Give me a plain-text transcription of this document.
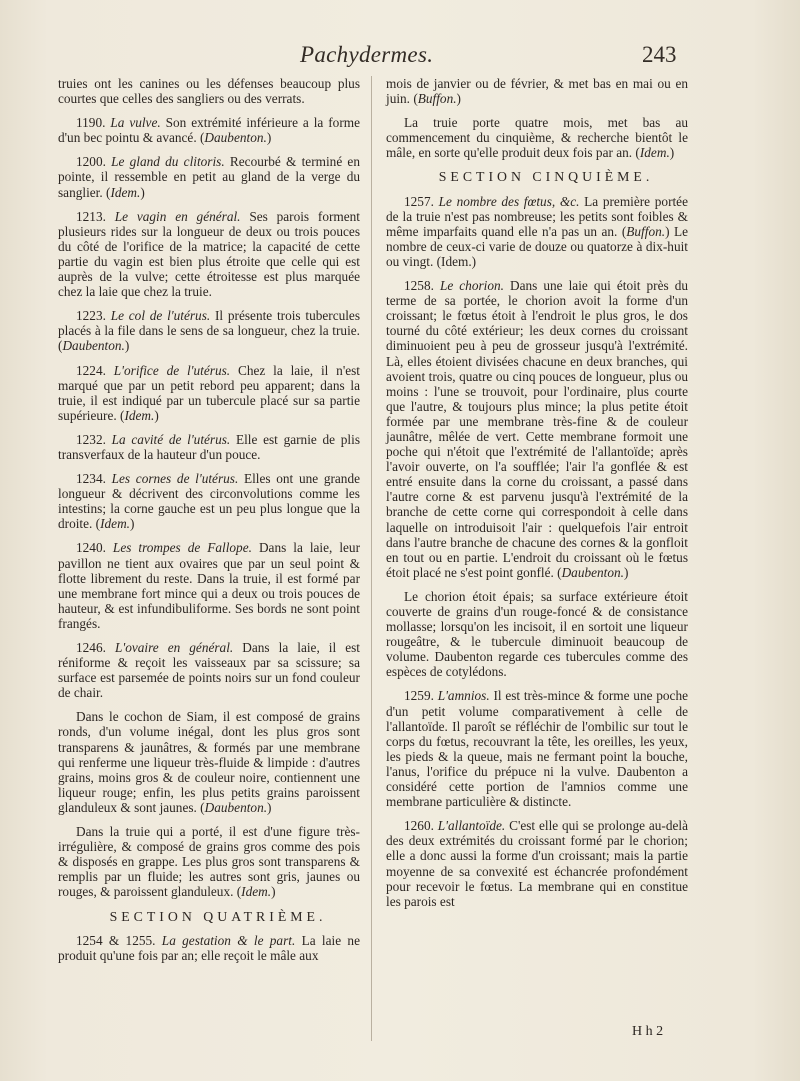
Pachydermes.	243

truies ont les canines ou les défenses beaucoup plus courtes que celles des sangliers ou des verrats.

1190. La vulve. Son extrémité inférieure a la forme d'un bec pointu & avancé. (Daubenton.)

1200. Le gland du clitoris. Recourbé & terminé en pointe, il ressemble en petit au gland de la verge du sanglier. (Idem.)

1213. Le vagin en général. Ses parois forment plusieurs rides sur la longueur de deux ou trois pouces du côté de l'orifice de la matrice; la capacité de cette partie du vagin est bien plus étroite que celle qui est auprès de la vulve; cette étroitesse est plus marquée chez la laie que chez la truie.

1223. Le col de l'utérus. Il présente trois tubercules placés à la file dans le sens de sa longueur, chez la truie. (Daubenton.)

1224. L'orifice de l'utérus. Chez la laie, il n'est marqué que par un petit rebord peu apparent; dans la truie, il est indiqué par un tubercule placé sur sa partie supérieure. (Idem.)

1232. La cavité de l'utérus. Elle est garnie de plis transverfaux de la hauteur d'un pouce.

1234. Les cornes de l'utérus. Elles ont une grande longueur & décrivent des circonvolutions comme les intestins; la corne gauche est un peu plus longue que la droite. (Idem.)

1240. Les trompes de Fallope. Dans la laie, leur pavillon ne tient aux ovaires que par un seul point & flotte librement du reste. Dans la truie, il est formé par une membrane fort mince qui a deux ou trois pouces de hauteur, & est infundibuliforme. Ses bords ne sont point frangés.

1246. L'ovaire en général. Dans la laie, il est réniforme & reçoit les vaisseaux par sa scissure; sa surface est parsemée de points noirs sur un fond couleur de chair.

Dans le cochon de Siam, il est composé de grains ronds, d'un volume inégal, dont les plus gros sont transparens & jaunâtres, & formés par une membrane qui renferme une liqueur très-fluide & limpide : d'autres grains, moins gros & de couleur noire, contiennent une liqueur rouge; enfin, les plus petits grains paroissent glanduleux & sont jaunes. (Daubenton.)

Dans la truie qui a porté, il est d'une figure très-irrégulière, & composé de grains gros comme des pois & disposés en grappe. Les plus gros sont transparens & remplis par un fluide; les autres sont gris, jaunes ou rouges, & paroissent glanduleux. (Idem.)

SECTION QUATRIÈME.

1254 & 1255. La gestation & le part. La laie ne produit qu'une fois par an; elle reçoit le mâle aux

mois de janvier ou de février, & met bas en mai ou en juin. (Buffon.)

La truie porte quatre mois, met bas au commencement du cinquième, & recherche bientôt le mâle, en sorte qu'elle produit deux fois par an. (Idem.)

SECTION CINQUIÈME.

1257. Le nombre des fœtus, &c. La première portée de la truie n'est pas nombreuse; les petits sont foibles & même imparfaits quand elle n'a pas un an. (Buffon.) Le nombre de ceux-ci varie de douze ou quatorze à dix-huit ou vingt. (Idem.)

1258. Le chorion. Dans une laie qui étoit près du terme de sa portée, le chorion avoit la forme d'un croissant; le fœtus étoit à l'endroit le plus gros, le dos tourné du côté extérieur; les deux cornes du croissant diminuoient peu à peu de grosseur jusqu'à l'extrémité. Là, elles étoient divisées chacune en deux branches, qui avoient trois, quatre ou cinq pouces de longueur, plus ou moins : l'une se trouvoit, pour l'ordinaire, plus courte que l'autre, & toujours plus mince; la plus petite étoit formée par une membrane très-fine & de couleur jaunâtre, mêlée de vert. Cette membrane formoit une poche qui n'étoit que l'extrémité de l'allantoïde; après l'avoir ouverte, on l'a soufflée; l'air l'a gonflée & est entré ensuite dans la corne du croissant, a passé dans l'autre corne & est parvenu jusqu'à l'extrémité de la branche de cette corne qui correspondoit à celle dans laquelle on introduisoit l'air : quelquefois l'air entroit dans l'autre branche de chacune des cornes & la gonfloit en tout ou en partie. L'endroit du croissant où le fœtus étoit placé ne s'est point gonflé. (Daubenton.)

Le chorion étoit épais; sa surface extérieure étoit couverte de grains d'un rouge-foncé & de consistance mollasse; lorsqu'on les incisoit, il en sortoit une liqueur rougeâtre, & le tubercule diminuoit beaucoup de volume. Daubenton regarde ces tubercules comme des espèces de cotylédons.

1259. L'amnios. Il est très-mince & forme une poche d'un petit volume comparativement à celle de l'allantoïde. Il paroît se réfléchir de l'ombilic sur tout le corps du fœtus, recouvrant la tête, les oreilles, les yeux, les pieds & la queue, mais ne fermant point la bouche, l'anus, l'orifice du prépuce ni la vulve. Daubenton a considéré cette portion de l'amnios comme une membrane particulière & distincte.

1260. L'allantoïde. C'est elle qui se prolonge au-delà des deux extrémités du croissant formé par le chorion; elle a donc aussi la forme d'un croissant; mais la partie moyenne de sa convexité est échancrée profondément pour recevoir le fœtus. La membrane qui en constitue les parois est

H h 2
